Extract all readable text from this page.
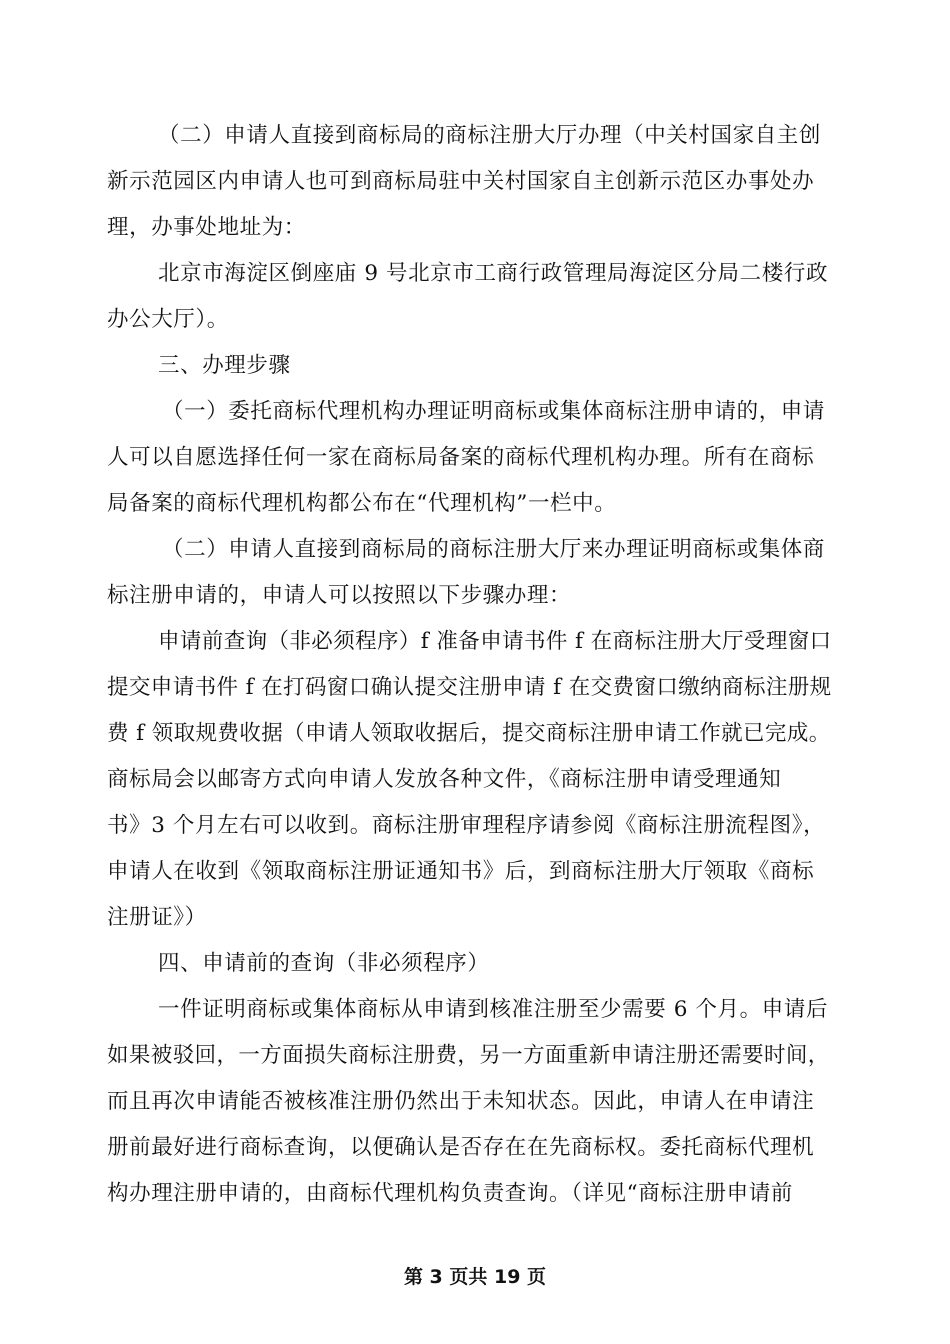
（二）申请人直接到商标局的商标注册大厅办理（中关村国家自主创
新示范园区内申请人也可到商标局驻中关村国家自主创新示范区办事处办
理，办事处地址为：

北京市海淀区倒座庙 9 号北京市工商行政管理局海淀区分局二楼行政
办公大厅）。

三、办理步骤

（一）委托商标代理机构办理证明商标或集体商标注册申请的，申请
人可以自愿选择任何一家在商标局备案的商标代理机构办理。所有在商标
局备案的商标代理机构都公布在“代理机构”一栏中。

（二）申请人直接到商标局的商标注册大厅来办理证明商标或集体商
标注册申请的，申请人可以按照以下步骤办理：

申请前查询（非必须程序）f 准备申请书件 f 在商标注册大厅受理窗口
提交申请书件 f 在打码窗口确认提交注册申请 f 在交费窗口缴纳商标注册规
费 f 领取规费收据（申请人领取收据后，提交商标注册申请工作就已完成。
商标局会以邮寄方式向申请人发放各种文件，《商标注册申请受理通知
书》3 个月左右可以收到。商标注册审理程序请参阅《商标注册流程图》，
申请人在收到《领取商标注册证通知书》后，到商标注册大厅领取《商标
注册证》）

四、申请前的查询（非必须程序）

一件证明商标或集体商标从申请到核准注册至少需要 6 个月。申请后
如果被驳回，一方面损失商标注册费，另一方面重新申请注册还需要时间，
而且再次申请能否被核准注册仍然出于未知状态。因此，申请人在申请注
册前最好进行商标查询，以便确认是否存在在先商标权。委托商标代理机
构办理注册申请的，由商标代理机构负责查询。（详见“商标注册申请前

第 3 页共 19 页
